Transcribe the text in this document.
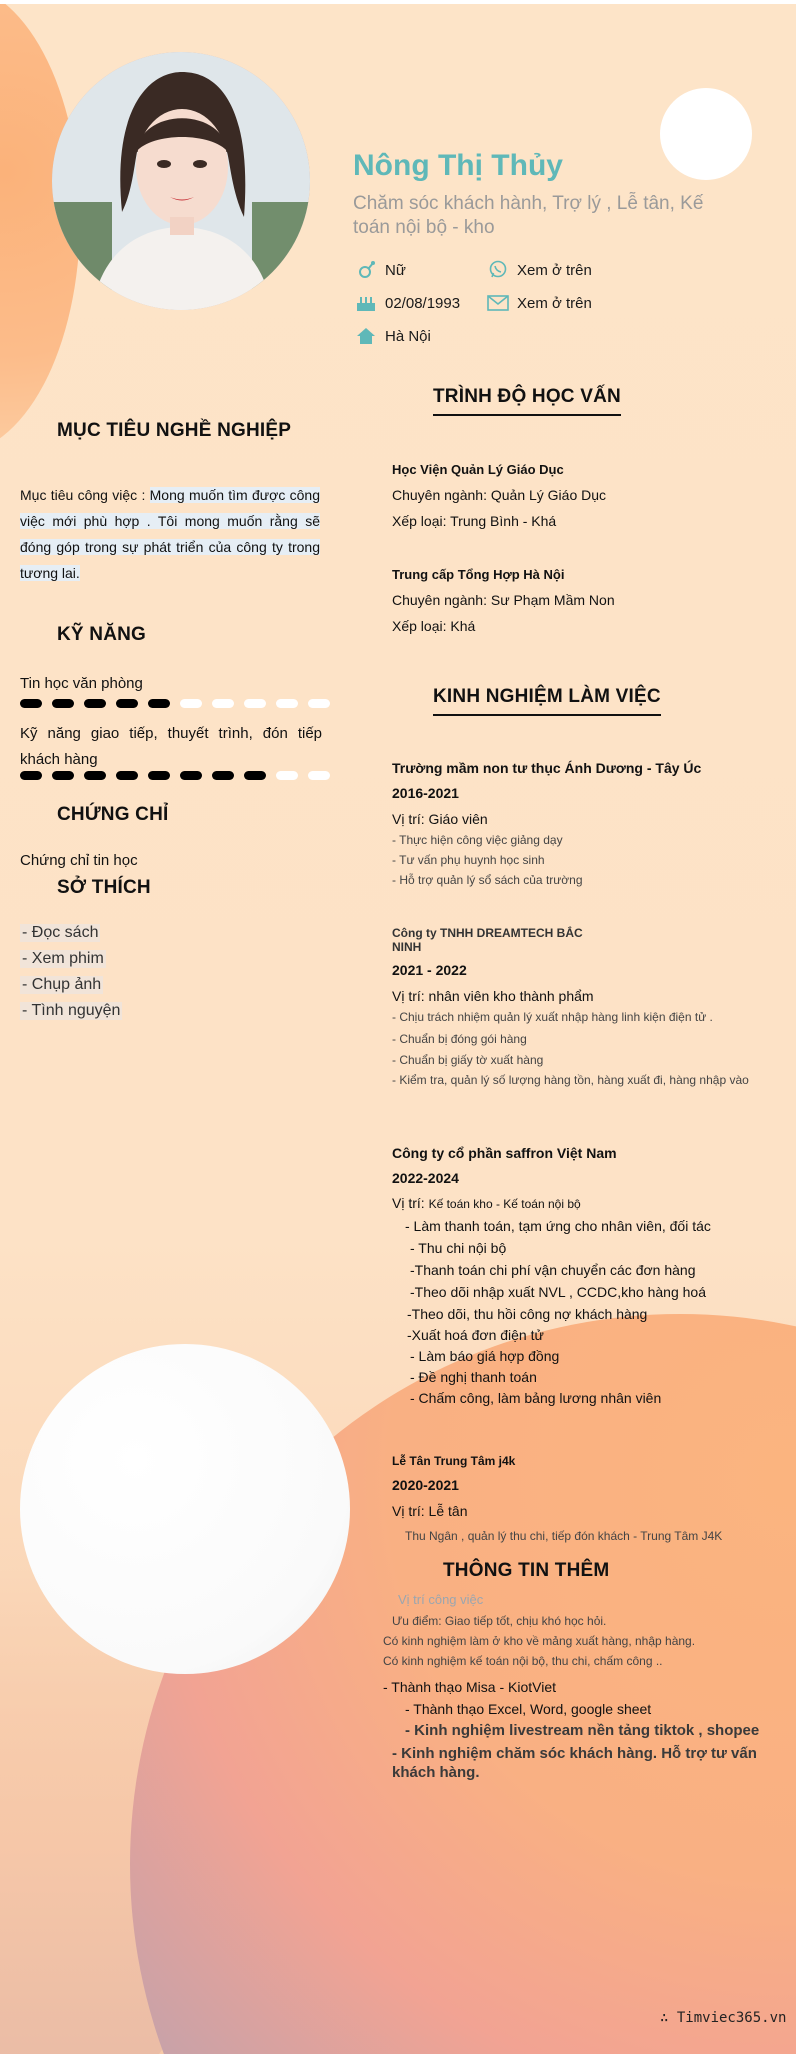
Nông Thị Thủy
Chăm sóc khách hành, Trợ lý , Lễ tân, Kế toán nội bộ - kho
Nữ	Xem ở trên
02/08/1993	Xem ở trên
Hà Nội
MỤC TIÊU NGHỀ NGHIỆP
Mục tiêu công việc : Mong muốn tìm được công việc mới phù hợp . Tôi mong muốn rằng sẽ đóng góp trong sự phát triển của công ty trong tương lai.
KỸ NĂNG
Tin học văn phòng
Kỹ năng giao tiếp, thuyết trình, đón tiếp khách hàng
CHỨNG CHỈ
Chứng chỉ tin học
SỞ THÍCH
- Đọc sách
- Xem phim
- Chụp ảnh
- Tình nguyện
TRÌNH ĐỘ HỌC VẤN
Học Viện Quản Lý Giáo Dục
Chuyên ngành: Quản Lý Giáo Dục
Xếp loại: Trung Bình - Khá
Trung cấp Tổng Hợp Hà Nội
Chuyên ngành: Sư Phạm Mầm Non
Xếp loại: Khá
KINH NGHIỆM LÀM VIỆC
Trường mầm non tư thục Ánh Dương - Tây Úc
2016-2021
Vị trí: Giáo viên
- Thực hiện công việc giảng dạy
- Tư vấn phụ huynh học sinh
- Hỗ trợ quản lý sổ sách của trường
Công ty TNHH DREAMTECH BẮC NINH
2021 - 2022
Vị trí: nhân viên kho thành phẩm
- Chịu trách nhiệm quản lý xuất nhập hàng linh kiện điện tử .
- Chuẩn bị đóng gói hàng
- Chuẩn bị giấy tờ xuất hàng
- Kiểm tra, quản lý số lượng hàng tồn, hàng xuất đi, hàng nhập vào
Công ty cổ phần saffron Việt Nam
2022-2024
Vị trí: Kế toán kho - Kế toán nội bộ
- Làm thanh toán, tạm ứng cho nhân viên, đối tác
- Thu chi nội bộ
-Thanh toán chi phí vận chuyển các đơn hàng
-Theo dõi nhập xuất NVL , CCDC,kho hàng hoá
-Theo dõi, thu hồi công nợ khách hàng
-Xuất hoá đơn điện tử
- Làm báo giá hợp đồng
- Đề nghị thanh toán
- Chấm công, làm bảng lương nhân viên
Lễ Tân Trung Tâm j4k
2020-2021
Vị trí: Lễ tân
Thu Ngân , quản lý thu chi, tiếp đón khách - Trung Tâm J4K
THÔNG TIN THÊM
Vị trí công việc
Ưu điểm: Giao tiếp tốt, chịu khó học hỏi.
Có kinh nghiệm làm ở kho về mảng xuất hàng, nhập hàng.
Có kinh nghiệm kế toán nội bộ, thu chi, chấm công ..
- Thành thạo Misa - KiotViet
- Thành thạo Excel, Word, google sheet
- Kinh nghiệm livestream nền tảng tiktok , shopee
- Kinh nghiệm chăm sóc khách hàng. Hỗ trợ tư vấn khách hàng.
∴ Timviec365.vn
